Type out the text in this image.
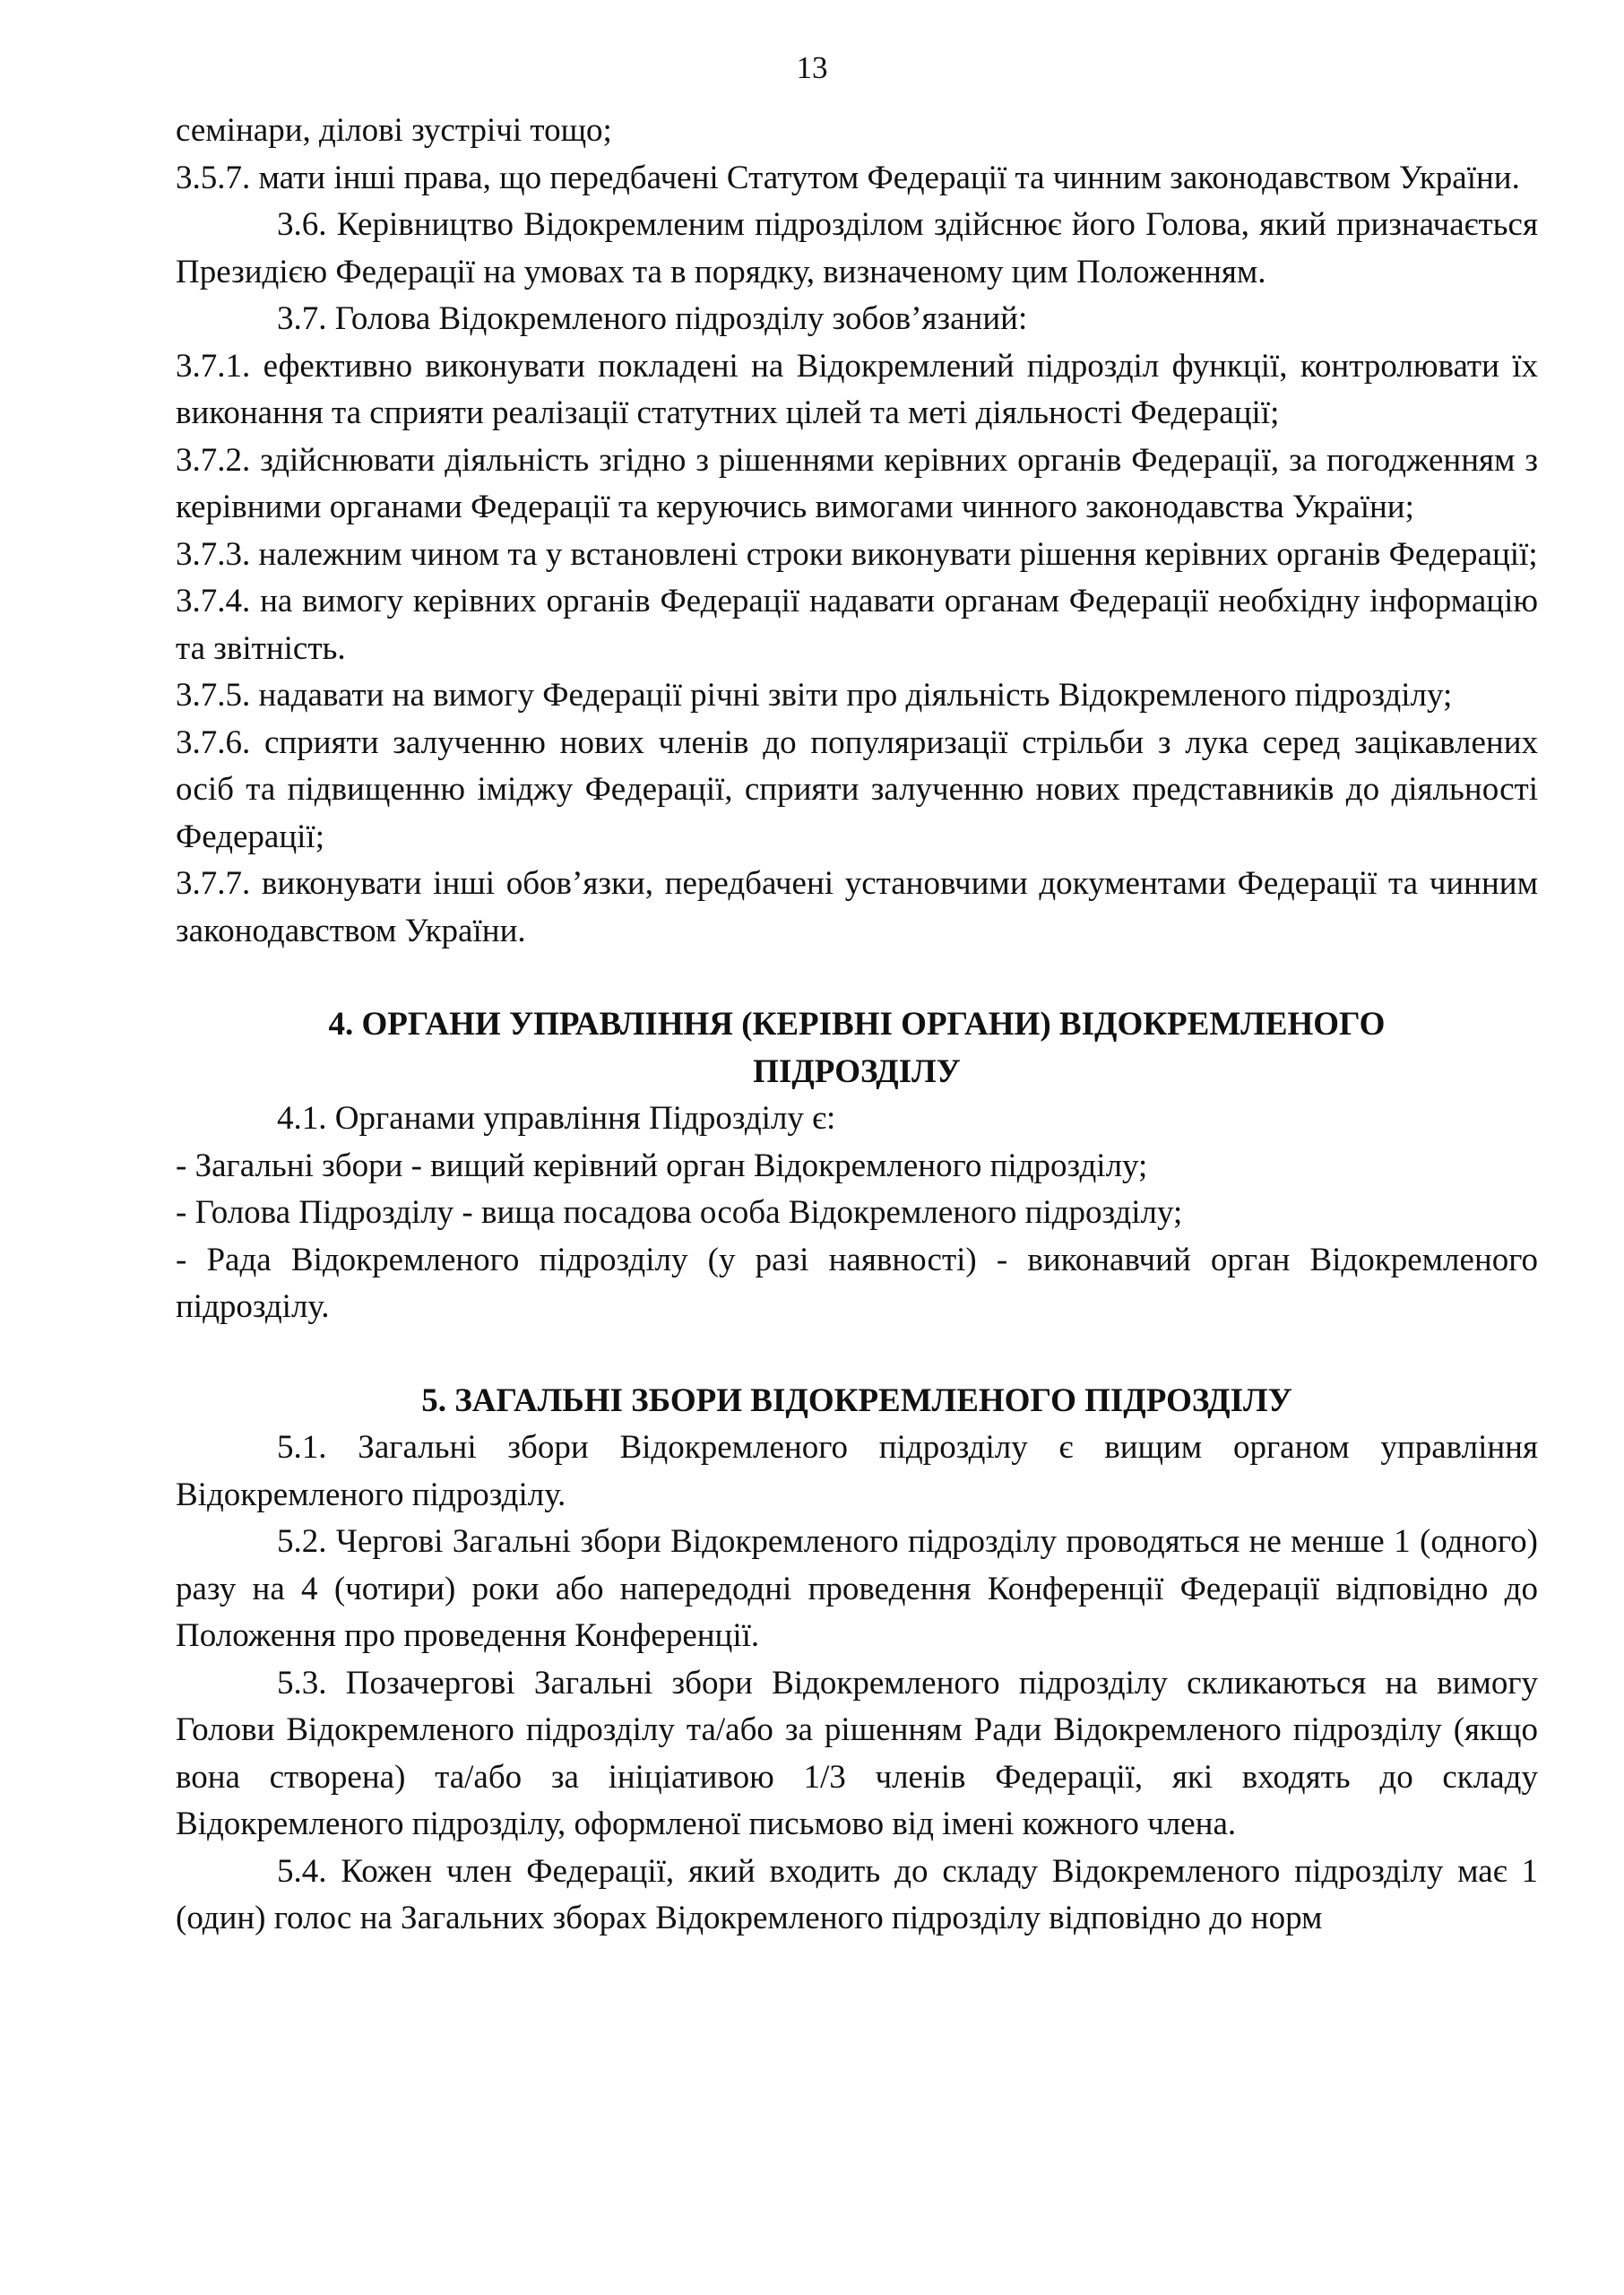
13

семінари, ділові зустрічі тощо;

3.5.7. мати інші права, що передбачені Статутом Федерації та чинним законодавством України.

3.6. Керівництво Відокремленим підрозділом здійснює його Голова, який призначається Президією Федерації на умовах та в порядку, визначеному цим Положенням.

3.7. Голова Відокремленого підрозділу зобов’язаний:

3.7.1. ефективно виконувати покладені на Відокремлений підрозділ функції, контролювати їх виконання та сприяти реалізації статутних цілей та меті діяльності Федерації;

3.7.2. здійснювати діяльність згідно з рішеннями керівних органів Федерації, за погодженням з керівними органами Федерації та керуючись вимогами чинного законодавства України;

3.7.3. належним чином та у встановлені строки виконувати рішення керівних органів Федерації;

3.7.4. на вимогу керівних органів Федерації надавати органам Федерації необхідну інформацію та звітність.

3.7.5. надавати на вимогу Федерації річні звіти про діяльність Відокремленого підрозділу;

3.7.6. сприяти залученню нових членів до популяризації стрільби з лука серед зацікавлених осіб та підвищенню іміджу Федерації, сприяти залученню нових представників до діяльності Федерації;

3.7.7. виконувати інші обов’язки, передбачені установчими документами Федерації та чинним законодавством України.

4. ОРГАНИ УПРАВЛІННЯ (КЕРІВНІ ОРГАНИ) ВІДОКРЕМЛЕНОГО
ПІДРОЗДІЛУ

4.1. Органами управління Підрозділу є:

- Загальні збори - вищий керівний орган Відокремленого підрозділу;

- Голова Підрозділу - вища посадова особа Відокремленого підрозділу;

- Рада Відокремленого підрозділу (у разі наявності) - виконавчий орган Відокремленого підрозділу.

5. ЗАГАЛЬНІ ЗБОРИ ВІДОКРЕМЛЕНОГО ПІДРОЗДІЛУ

5.1. Загальні збори Відокремленого підрозділу є вищим органом управління Відокремленого підрозділу.

5.2. Чергові Загальні збори Відокремленого підрозділу проводяться не менше 1 (одного) разу на 4 (чотири) роки або напередодні проведення Конференції Федерації відповідно до Положення про проведення Конференції.

5.3. Позачергові Загальні збори Відокремленого підрозділу скликаються на вимогу Голови Відокремленого підрозділу та/або за рішенням Ради Відокремленого підрозділу (якщо вона створена) та/або за ініціативою 1/3 членів Федерації, які входять до складу Відокремленого підрозділу, оформленої письмово від імені кожного члена.

5.4. Кожен член Федерації, який входить до складу Відокремленого підрозділу має 1 (один) голос на Загальних зборах Відокремленого підрозділу відповідно до норм
